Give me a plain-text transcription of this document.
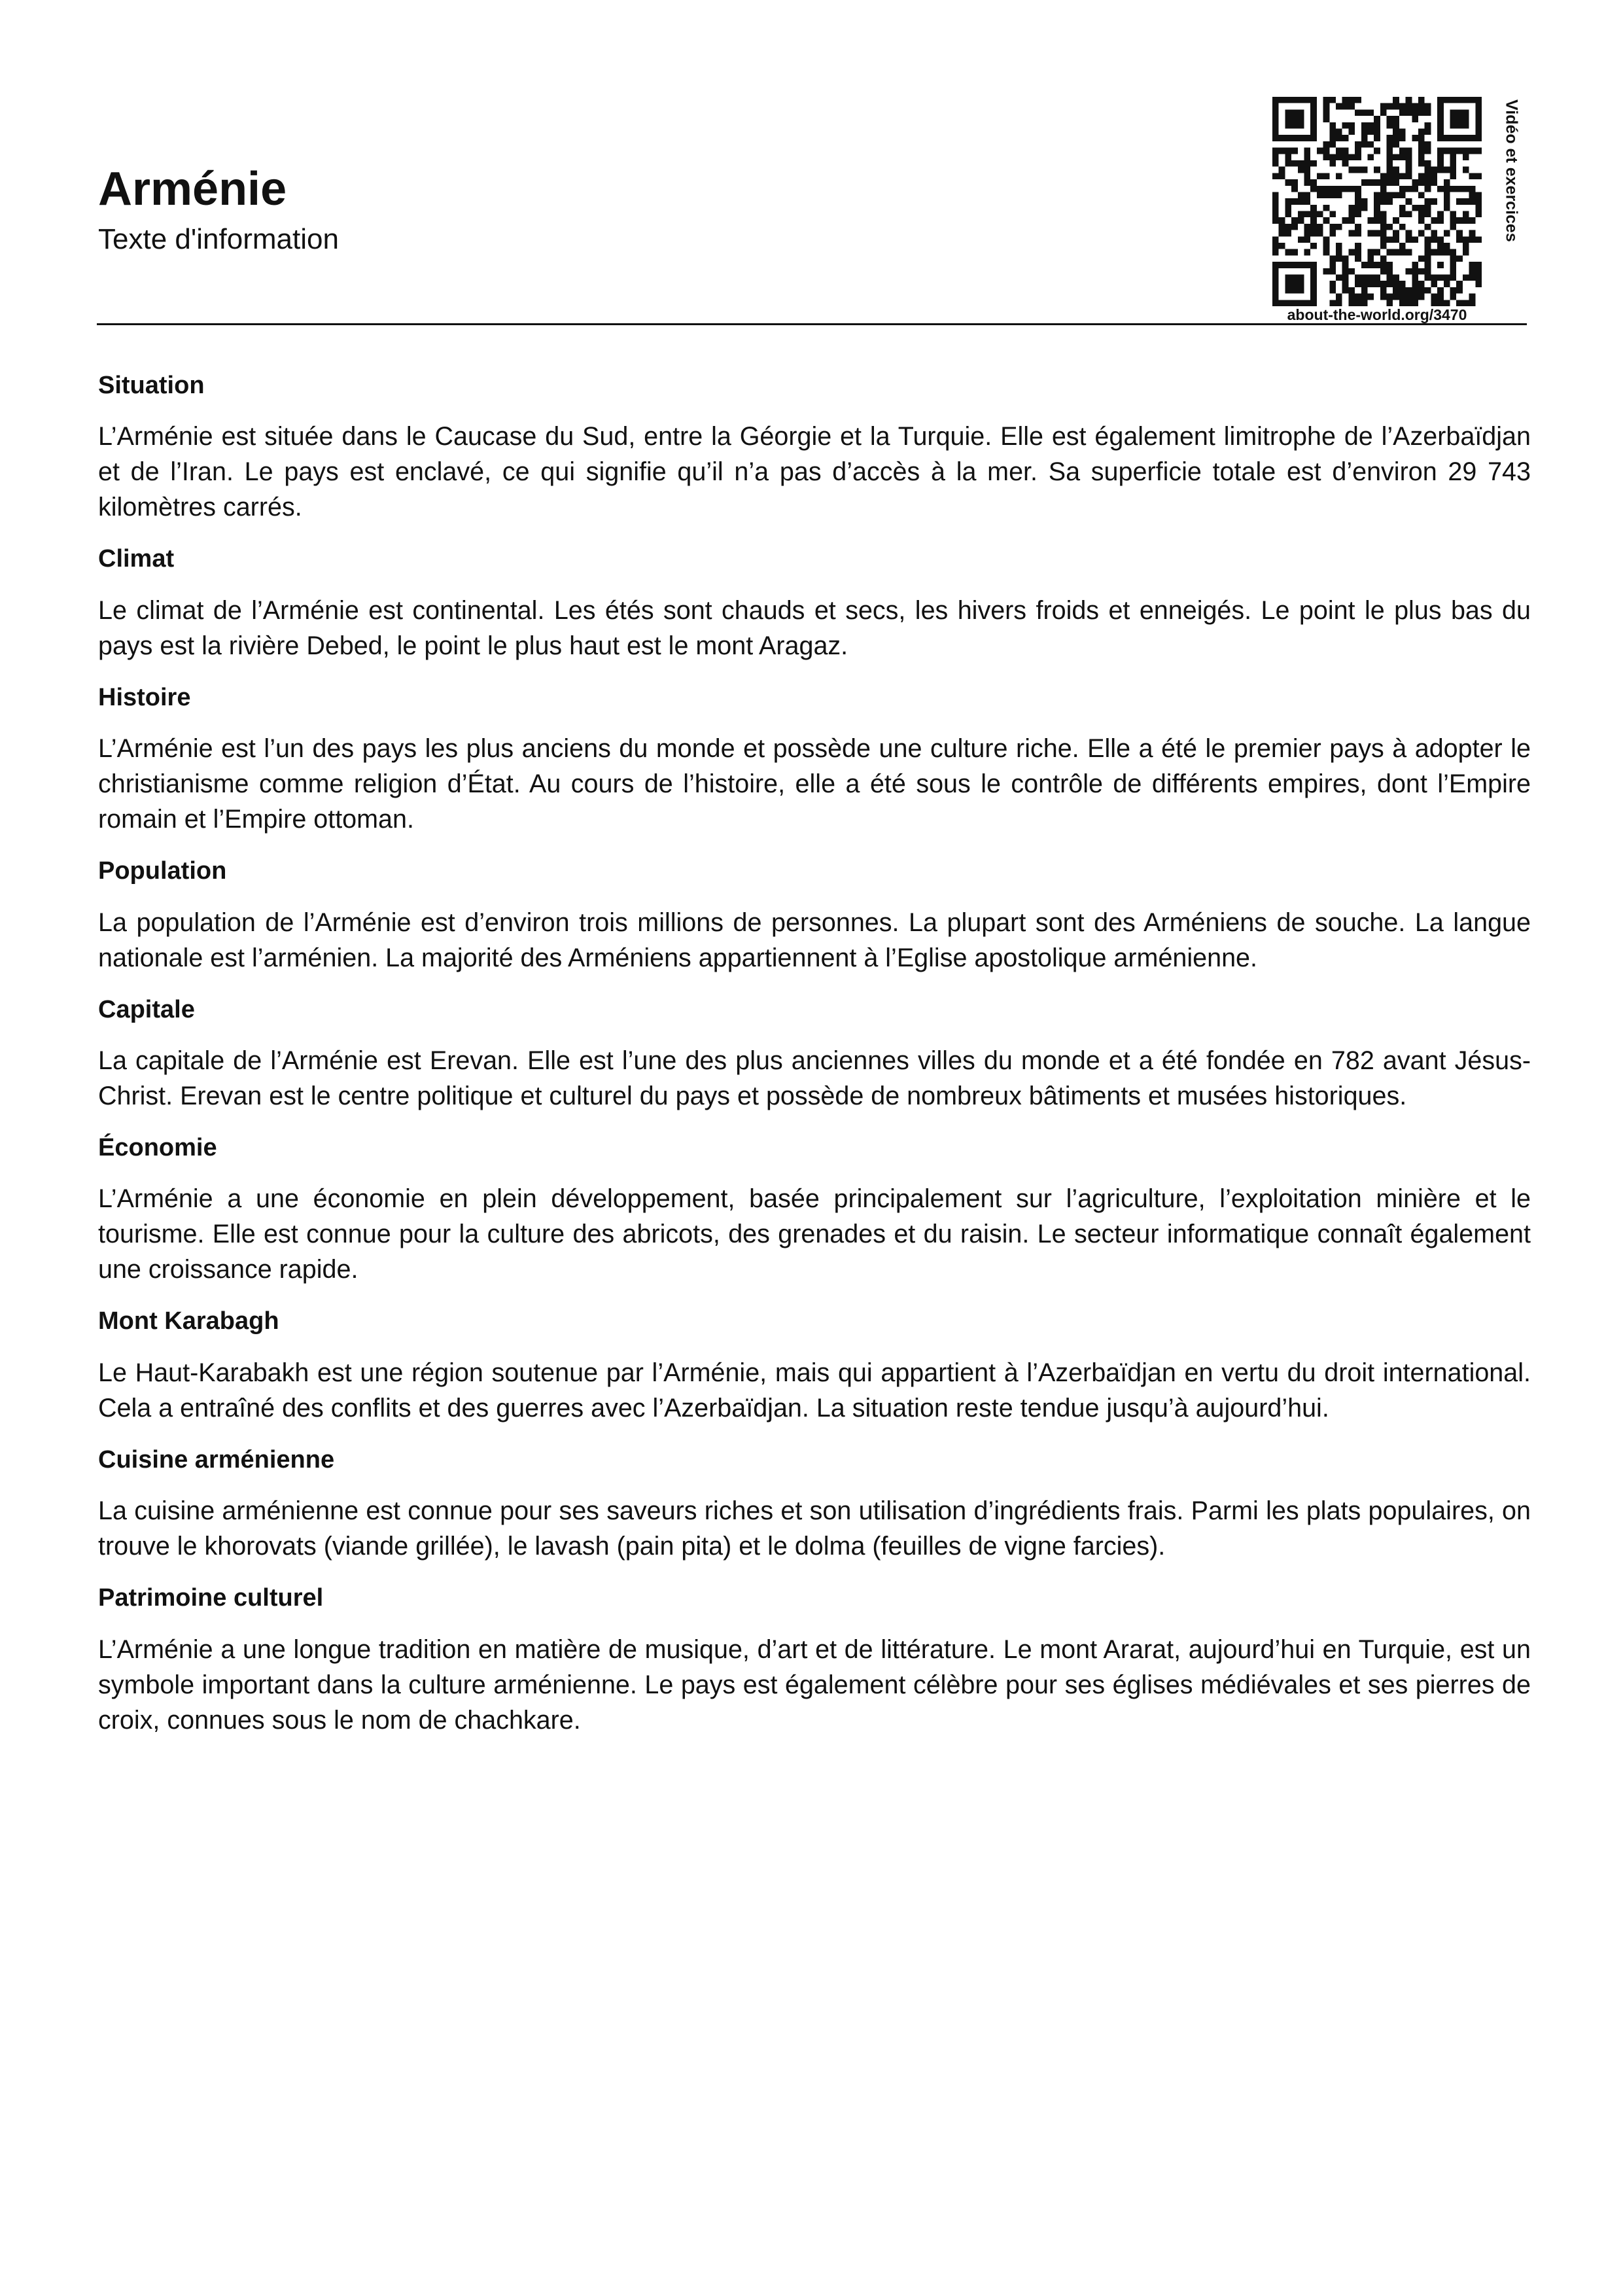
Arménie
Texte d'information
about-the-world.org/3470
Vidéo et exercices
Situation

L’Arménie est située dans le Caucase du Sud, entre la Géorgie et la Turquie. Elle est également limitrophe de l’Azerbaïdjan et de l’Iran. Le pays est enclavé, ce qui signifie qu’il n’a pas d’accès à la mer. Sa superficie totale est d’environ 29 743 kilomètres carrés.

Climat

Le climat de l’Arménie est continental. Les étés sont chauds et secs, les hivers froids et enneigés. Le point le plus bas du pays est la rivière Debed, le point le plus haut est le mont Aragaz.

Histoire

L’Arménie est l’un des pays les plus anciens du monde et possède une culture riche. Elle a été le premier pays à adopter le christianisme comme religion d’État. Au cours de l’histoire, elle a été sous le contrôle de différents empires, dont l’Empire romain et l’Empire ottoman.

Population

La population de l’Arménie est d’environ trois millions de personnes. La plupart sont des Arméniens de souche. La langue nationale est l’arménien. La majorité des Arméniens appartiennent à l’Eglise apostolique arménienne.

Capitale

La capitale de l’Arménie est Erevan. Elle est l’une des plus anciennes villes du monde et a été fondée en 782 avant Jésus-Christ. Erevan est le centre politique et culturel du pays et possède de nombreux bâtiments et musées historiques.

Économie

L’Arménie a une économie en plein développement, basée principalement sur l’agriculture, l’exploitation minière et le tourisme. Elle est connue pour la culture des abricots, des grenades et du raisin. Le secteur informatique connaît également une croissance rapide.

Mont Karabagh

Le Haut-Karabakh est une région soutenue par l’Arménie, mais qui appartient à l’Azerbaïdjan en vertu du droit international. Cela a entraîné des conflits et des guerres avec l’Azerbaïdjan. La situation reste tendue jusqu’à aujourd’hui.

Cuisine arménienne

La cuisine arménienne est connue pour ses saveurs riches et son utilisation d’ingrédients frais. Parmi les plats populaires, on trouve le khorovats (viande grillée), le lavash (pain pita) et le dolma (feuilles de vigne farcies).

Patrimoine culturel

L’Arménie a une longue tradition en matière de musique, d’art et de littérature. Le mont Ararat, aujourd’hui en Turquie, est un symbole important dans la culture arménienne. Le pays est également célèbre pour ses églises médiévales et ses pierres de croix, connues sous le nom de chachkare.
